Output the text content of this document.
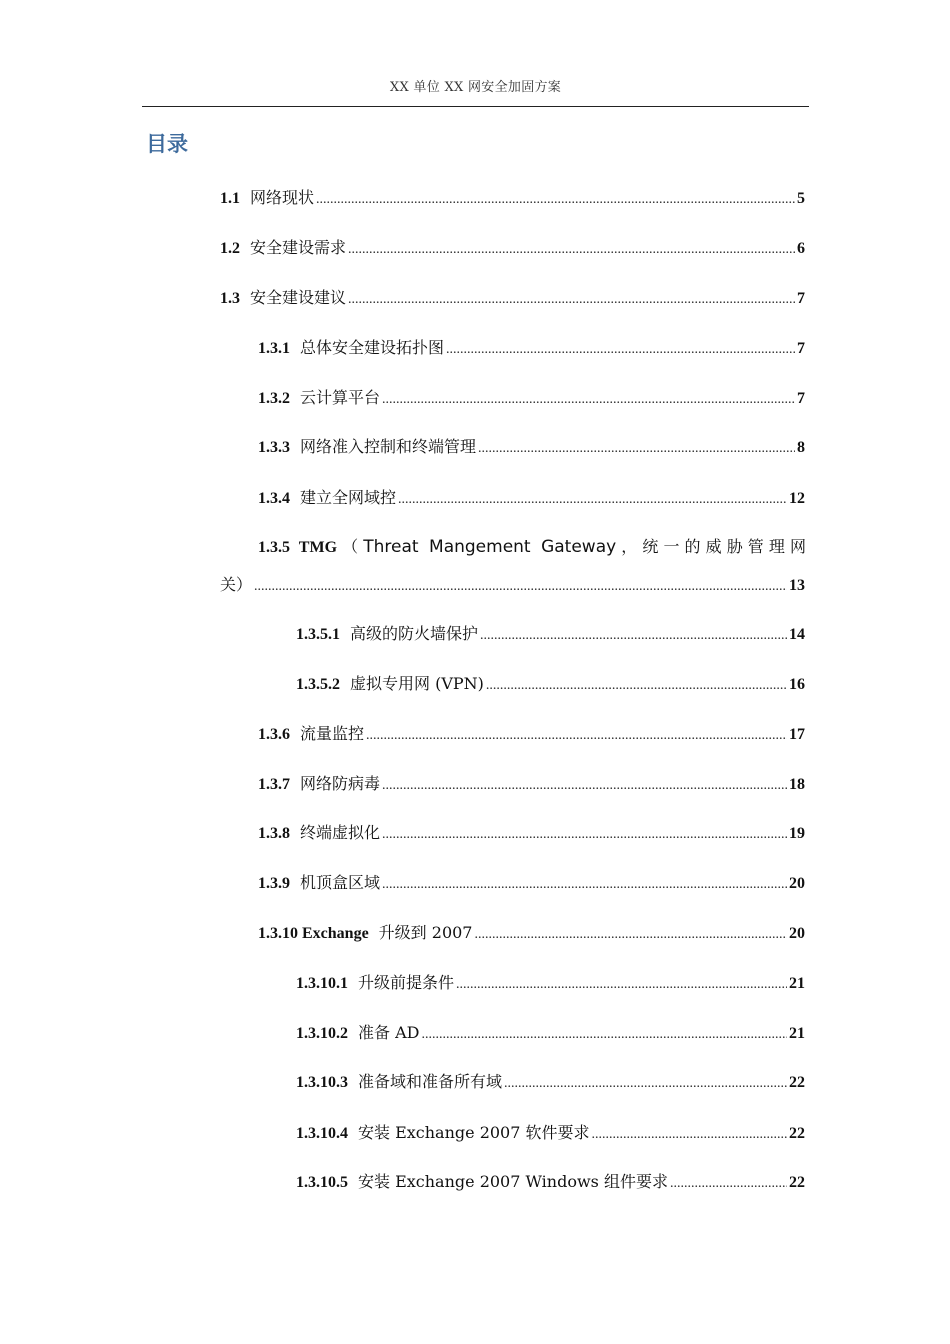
XX 单位 XX 网安全加固方案
目录
1.1 网络现状 .....	5
1.2 安全建设需求 .....	6
1.3 安全建设建议 .....	7
1.3.1 总体安全建设拓扑图 .....	7
1.3.2 云计算平台 .....	7
1.3.3 网络准入控制和终端管理 .....	8
1.3.4 建立全网域控 .....	12
1.3.5 TMG（Threat Mangement Gateway，统一的威胁管理网
关） .....	13
1.3.5.1 高级的防火墙保护 .....	14
1.3.5.2 虚拟专用网 (VPN) .....	16
1.3.6 流量监控 .....	17
1.3.7 网络防病毒 .....	18
1.3.8 终端虚拟化 .....	19
1.3.9 机顶盒区域 .....	20
1.3.10 Exchange 升级到 2007 .....	20
1.3.10.1 升级前提条件 .....	21
1.3.10.2 准备 AD .....	21
1.3.10.3 准备域和准备所有域 .....	22
1.3.10.4 安装 Exchange 2007 软件要求 .....	22
1.3.10.5 安装 Exchange 2007 Windows 组件要求 .....	22
